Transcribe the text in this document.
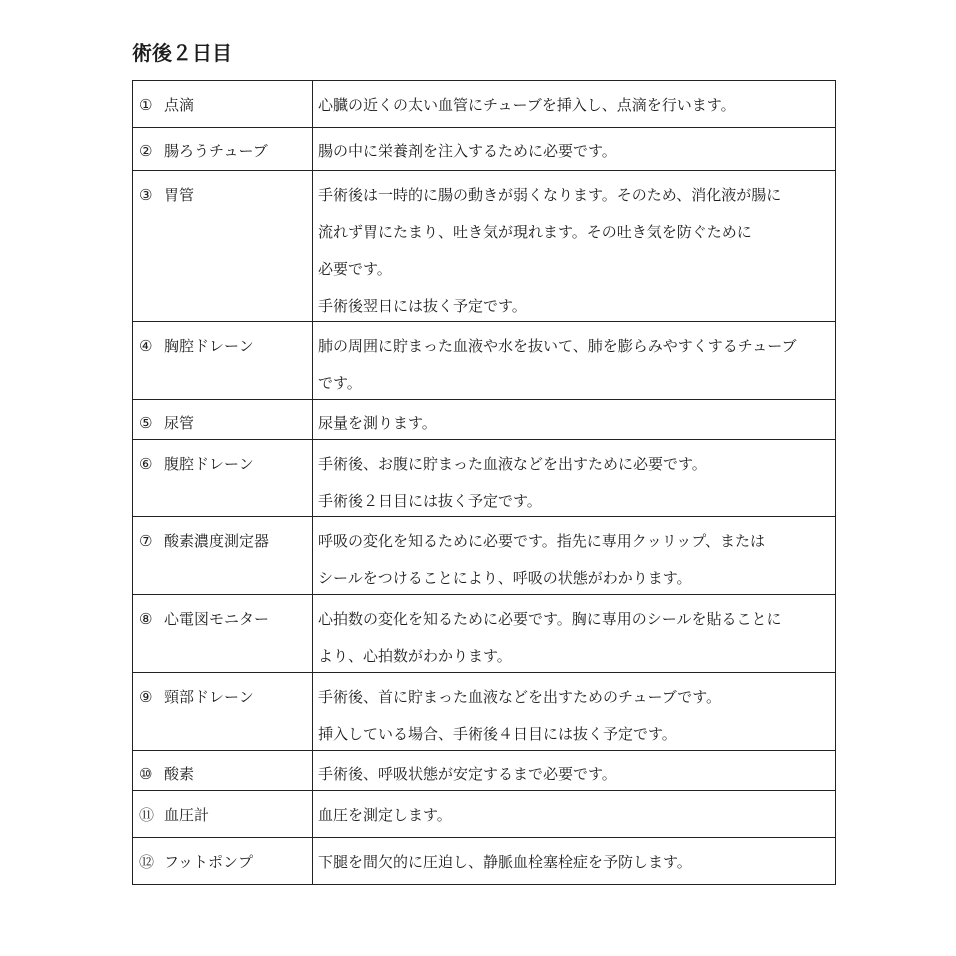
術後２日目
① 点滴	心臓の近くの太い血管にチューブを挿入し、点滴を行います。
② 腸ろうチューブ	腸の中に栄養剤を注入するために必要です。
③ 胃管	手術後は一時的に腸の動きが弱くなります。そのため、消化液が腸に
流れず胃にたまり、吐き気が現れます。その吐き気を防ぐために
必要です。
手術後翌日には抜く予定です。
④ 胸腔ドレーン	肺の周囲に貯まった血液や水を抜いて、肺を膨らみやすくするチューブ
です。
⑤ 尿管	尿量を測ります。
⑥ 腹腔ドレーン	手術後、お腹に貯まった血液などを出すために必要です。
手術後２日目には抜く予定です。
⑦ 酸素濃度測定器	呼吸の変化を知るために必要です。指先に専用クッリップ、または
シールをつけることにより、呼吸の状態がわかります。
⑧ 心電図モニター	心拍数の変化を知るために必要です。胸に専用のシールを貼ることに
より、心拍数がわかります。
⑨ 頸部ドレーン	手術後、首に貯まった血液などを出すためのチューブです。
挿入している場合、手術後４日目には抜く予定です。
⑩ 酸素	手術後、呼吸状態が安定するまで必要です。
⑪ 血圧計	血圧を測定します。
⑫ フットポンプ	下腿を間欠的に圧迫し、静脈血栓塞栓症を予防します。
